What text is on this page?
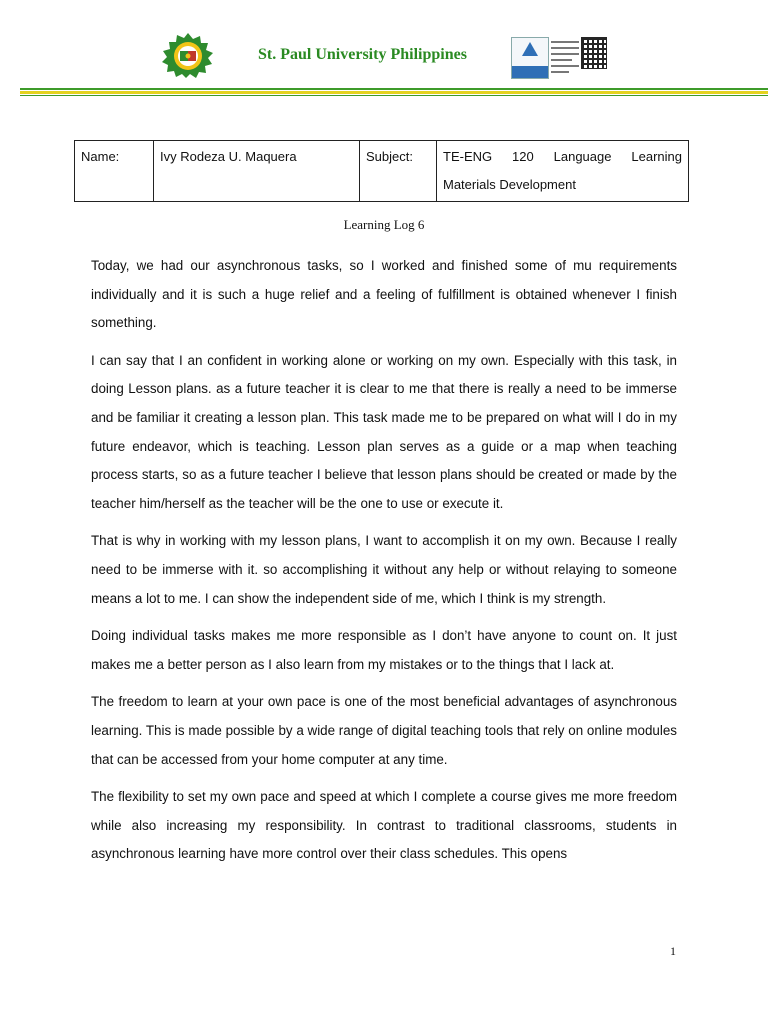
St. Paul University Philippines
Name:	Ivy Rodeza U. Maquera	Subject:	TE-ENG 120 Language Learning Materials Development
Learning Log 6

Today, we had our asynchronous tasks, so I worked and finished some of mu requirements individually and it is such a huge relief and a feeling of fulfillment is obtained whenever I finish something.

I can say that I an confident in working alone or working on my own. Especially with this task, in doing Lesson plans. as a future teacher it is clear to me that there is really a need to be immerse and be familiar it creating a lesson plan. This task made me to be prepared on what will I do in my future endeavor, which is teaching. Lesson plan serves as a guide or a map when teaching process starts, so as a future teacher I believe that lesson plans should be created or made by the teacher him/herself as the teacher will be the one to use or execute it.

That is why in working with my lesson plans, I want to accomplish it on my own. Because I really need to be immerse with it. so accomplishing it without any help or without relaying to someone means a lot to me. I can show the independent side of me, which I think is my strength.

Doing individual tasks makes me more responsible as I don’t have anyone to count on. It just makes me a better person as I also learn from my mistakes or to the things that I lack at.

The freedom to learn at your own pace is one of the most beneficial advantages of asynchronous learning. This is made possible by a wide range of digital teaching tools that rely on online modules that can be accessed from your home computer at any time.

The flexibility to set my own pace and speed at which I complete a course gives me more freedom while also increasing my responsibility. In contrast to traditional classrooms, students in asynchronous learning have more control over their class schedules. This opens

1
